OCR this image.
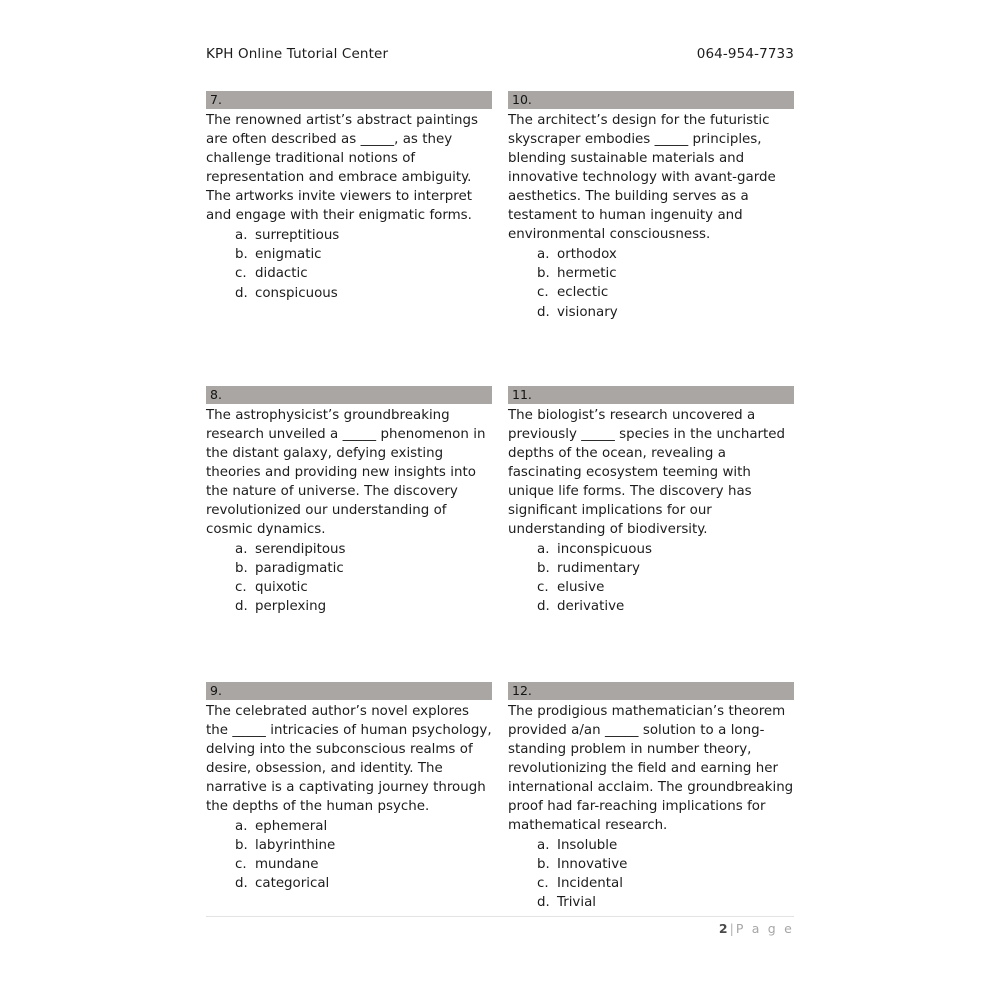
KPH Online Tutorial Center	064-954-7733
7.
The renowned artist’s abstract paintings are often described as _____, as they challenge traditional notions of representation and embrace ambiguity. The artworks invite viewers to interpret and engage with their enigmatic forms.
a. surreptitious
b. enigmatic
c. didactic
d. conspicuous
10.
The architect’s design for the futuristic skyscraper embodies _____ principles, blending sustainable materials and innovative technology with avant-garde aesthetics. The building serves as a testament to human ingenuity and environmental consciousness.
a. orthodox
b. hermetic
c. eclectic
d. visionary
8.
The astrophysicist’s groundbreaking research unveiled a _____ phenomenon in the distant galaxy, defying existing theories and providing new insights into the nature of universe. The discovery revolutionized our understanding of cosmic dynamics.
a. serendipitous
b. paradigmatic
c. quixotic
d. perplexing
11.
The biologist’s research uncovered a previously _____ species in the uncharted depths of the ocean, revealing a fascinating ecosystem teeming with unique life forms. The discovery has significant implications for our understanding of biodiversity.
a. inconspicuous
b. rudimentary
c. elusive
d. derivative
9.
The celebrated author’s novel explores the _____ intricacies of human psychology, delving into the subconscious realms of desire, obsession, and identity. The narrative is a captivating journey through the depths of the human psyche.
a. ephemeral
b. labyrinthine
c. mundane
d. categorical
12.
The prodigious mathematician’s theorem provided a/an _____ solution to a long-standing problem in number theory, revolutionizing the field and earning her international acclaim. The groundbreaking proof had far-reaching implications for mathematical research.
a. Insoluble
b. Innovative
c. Incidental
d. Trivial
2 | P a g e
